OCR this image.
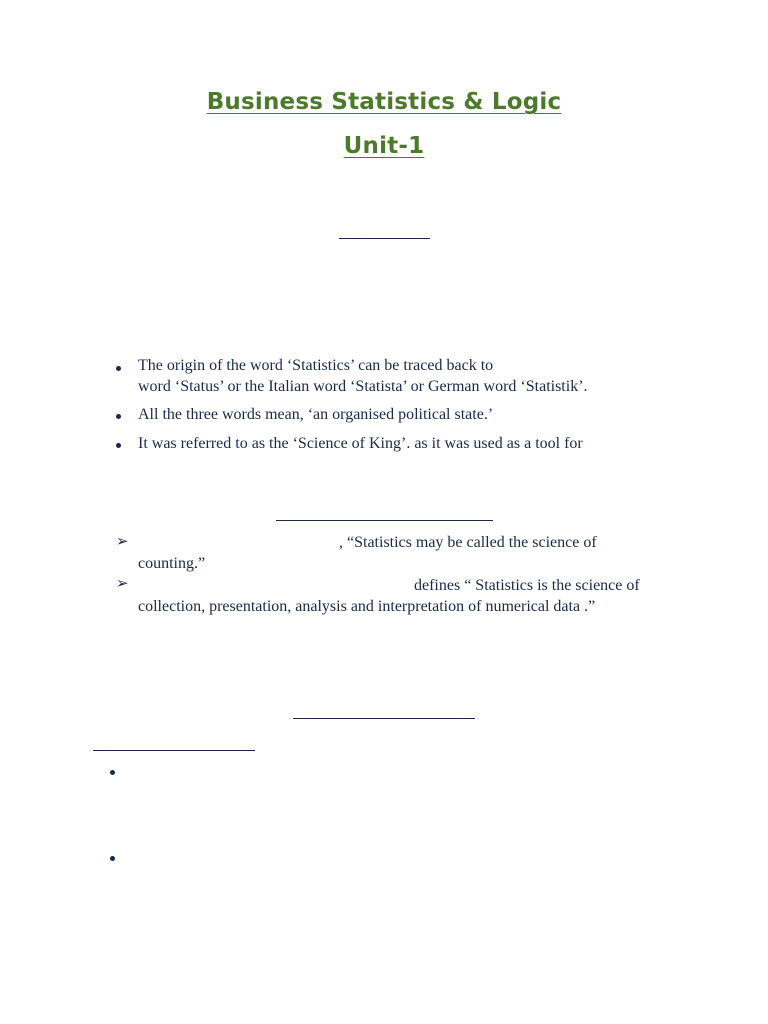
Business Statistics & Logic
Unit-1
The origin of the word ‘Statistics’ can be traced back to
word ‘Status’ or the Italian word ‘Statista’ or German word ‘Statistik’.
All the three words mean, ‘an organised political state.’
It was referred to as the ‘Science of King’. as it was used as a tool for
➢	, “Statistics may be called the science of
counting.”
➢	defines “ Statistics is the science of
collection, presentation, analysis and interpretation of numerical data .”
